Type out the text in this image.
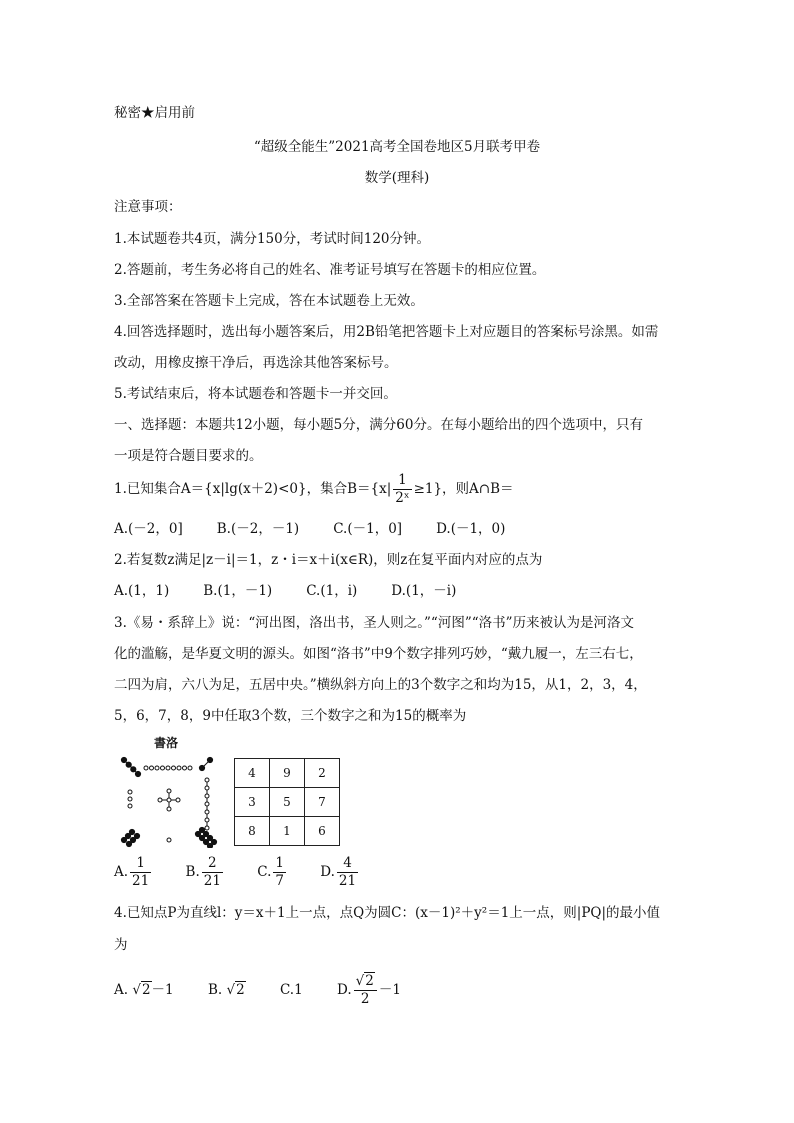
秘密★启用前
“超级全能生”2021高考全国卷地区5月联考甲卷
数学(理科)
注意事项：
1.本试题卷共4页，满分150分，考试时间120分钟。
2.答题前，考生务必将自己的姓名、准考证号填写在答题卡的相应位置。
3.全部答案在答题卡上完成，答在本试题卷上无效。
4.回答选择题时，选出每小题答案后，用2B铅笔把答题卡上对应题目的答案标号涂黑。如需
改动，用橡皮擦干净后，再选涂其他答案标号。
5.考试结束后，将本试题卷和答题卡一并交回。
一、选择题：本题共12小题，每小题5分，满分60分。在每小题给出的四个选项中，只有
一项是符合题目要求的。
1.已知集合A＝{x|lg(x＋2)<0}，集合$B=\{x| \frac{1}{\text{2ˣ}} \ge 1\}$，则A∩B＝
A.(－2，0]	B.(－2，－1)	C.(－1，0]	D.(－1，0)
2.若复数z满足|z－i|＝1，z・i＝x＋i(x∈R)，则z在复平面内对应的点为
A.(1，1)	B.(1，－1)	C.(1，i)	D.(1，－i)
3.《易・系辞上》说：“河出图，洛出书，圣人则之。”“河图”“洛书”历来被认为是河洛文
化的滥觞，是华夏文明的源头。如图“洛书”中9个数字排列巧妙，“戴九履一，左三右七，
二四为肩，六八为足，五居中央。”横纵斜方向上的3个数字之和均为15，从1，2，3，4，
5，6，7，8，9中任取3个数，三个数字之和为15的概率为
書洛
4	9	2
3	5	7
8	1	6
A. $\frac{1}{21}$	B. $\frac{2}{21}$	C. $\frac{1}{7}$	D. $\frac{4}{21}$
4.已知点P为直线l：y＝x＋1上一点，点Q为圆C：(x－1)²＋y²＝1上一点，则|PQ|的最小值
为
A. √2－1	B. √2	C.1	D. $\frac{√2}{2} -1$
